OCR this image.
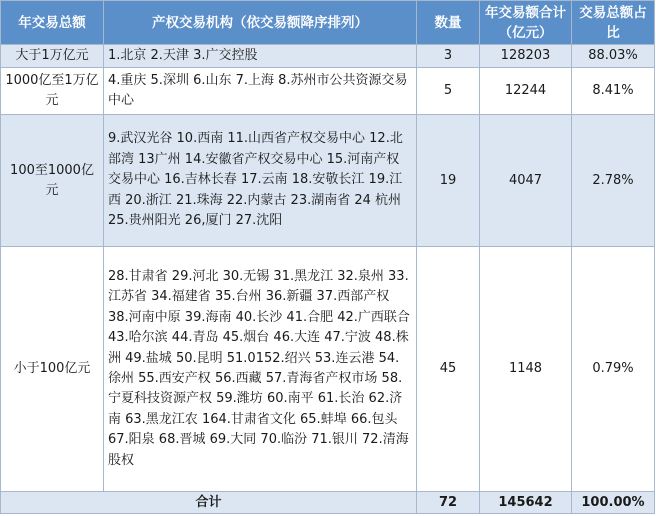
年交易总额	产权交易机构（依交易额降序排列）	数量	年交易额合计（亿元）	交易总额占比
大于1万亿元	1.北京 2.天津 3.广交控股	3	128203	88.03%
1000亿至1万亿元	4.重庆 5.深圳 6.山东 7.上海 8.苏州市公共资源交易中心	5	12244	8.41%
100至1000亿元	9.武汉光谷 10.西南 11.山西省产权交易中心 12.北部湾 13广州 14.安徽省产权交易中心 15.河南产权交易中心 16.吉林长春 17.云南 18.安敬长江 19.江西 20.浙江 21.珠海 22.内蒙古 23.湖南省 24 杭州 25.贵州阳光 26,厦门 27.沈阳	19	4047	2.78%
小于100亿元	28.甘肃省 29.河北 30.无锡 31.黑龙江 32.泉州 33.江苏省 34.福建省 35.台州 36.新疆 37.西部产权 38.河南中原 39.海南 40.长沙 41.合肥 42.广西联合 43.哈尔滨 44.青岛 45.烟台 46.大连 47.宁波 48.株洲 49.盐城 50.昆明 51.0152.绍兴 53.连云港 54.徐州 55.西安产权 56.西藏 57.青海省产权市场 58.宁夏科技资源产权 59.潍坊 60.南平 61.长治 62.济南 63.黑龙江农 164.甘肃省文化 65.蚌埠 66.包头 67.阳泉 68.晋城 69.大同 70.临汾 71.银川 72.清海股权	45	1148	0.79%
合计		72	145642	100.00%
